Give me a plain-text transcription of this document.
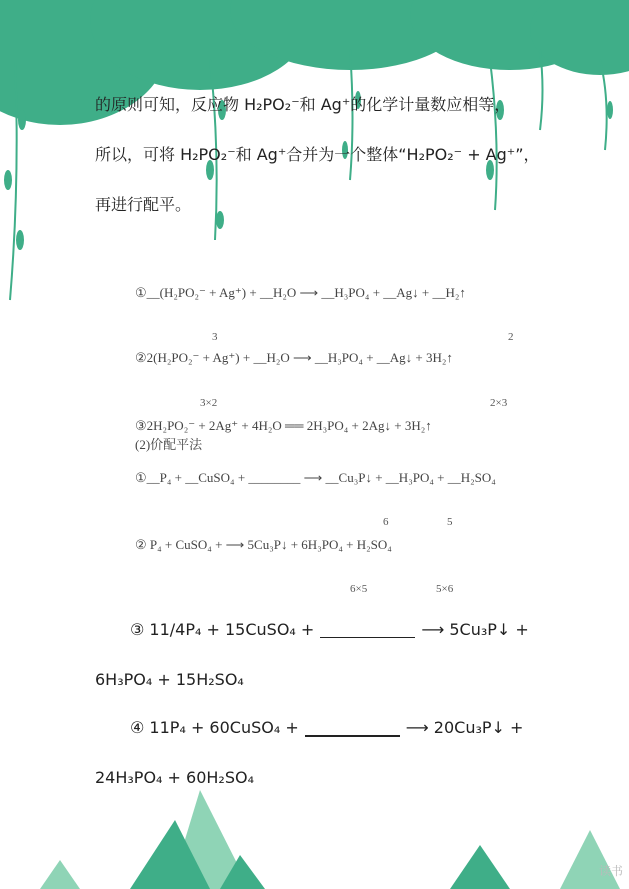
的原则可知，反应物 H₂PO₂⁻和 Ag⁺的化学计量数应相等，
所以，可将 H₂PO₂⁻和 Ag⁺合并为一个整体“H₂PO₂⁻ + Ag⁺”，
再进行配平。
①__(H₂PO₂⁻ + Ag⁺) + __H₂O ⟶ __H₃PO₄ + __Ag↓ + __H₂↑
3	2
②2(H₂PO₂⁻ + Ag⁺) + __H₂O ⟶ __H₃PO₄ + __Ag↓ + 3H₂↑
3×2	2×3
③2H₂PO₂⁻ + 2Ag⁺ + 4H₂O ══ 2H₃PO₄ + 2Ag↓ + 3H₂↑
(2)价配平法
①__P₄ + __CuSO₄ + ________ ⟶ __Cu₃P↓ + __H₃PO₄ + __H₂SO₄
6	5
② P₄ + CuSO₄ + ⟶ 5Cu₃P↓ + 6H₃PO₄ + H₂SO₄
6×5	5×6
③ 11/4P₄ + 15CuSO₄ +	⟶ 5Cu₃P↓ +
6H₃PO₄ + 15H₂SO₄
④ 11P₄ + 60CuSO₄ +	⟶ 20Cu₃P↓ +
24H₃PO₄ + 60H₂SO₄
读书
